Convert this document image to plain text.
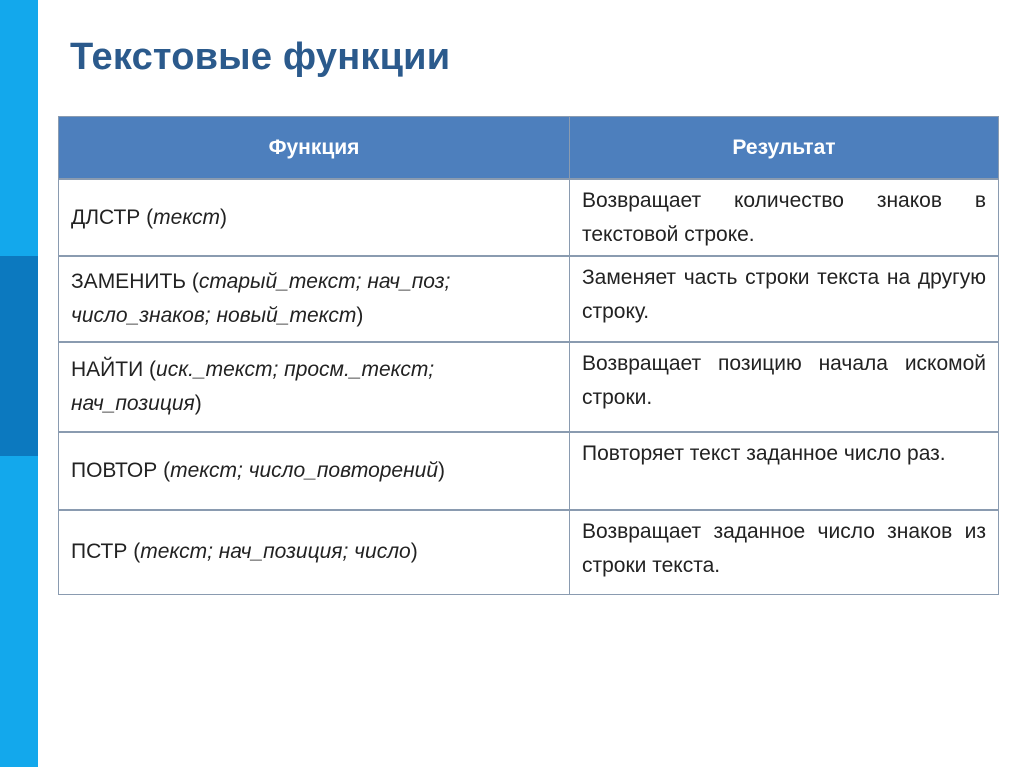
Текстовые функции
Функция	Результат
ДЛСТР (текст)	Возвращает количество знаков в текстовой строке.
ЗАМЕНИТЬ (старый_текст; нач_поз; число_знаков; новый_текст)	Заменяет часть строки текста на другую строку.
НАЙТИ (иск._текст; просм._текст; нач_позиция)	Возвращает позицию начала искомой строки.
ПОВТОР (текст; число_повторений)	Повторяет текст заданное число раз.
ПСТР (текст; нач_позиция; число)	Возвращает заданное число знаков из строки текста.
